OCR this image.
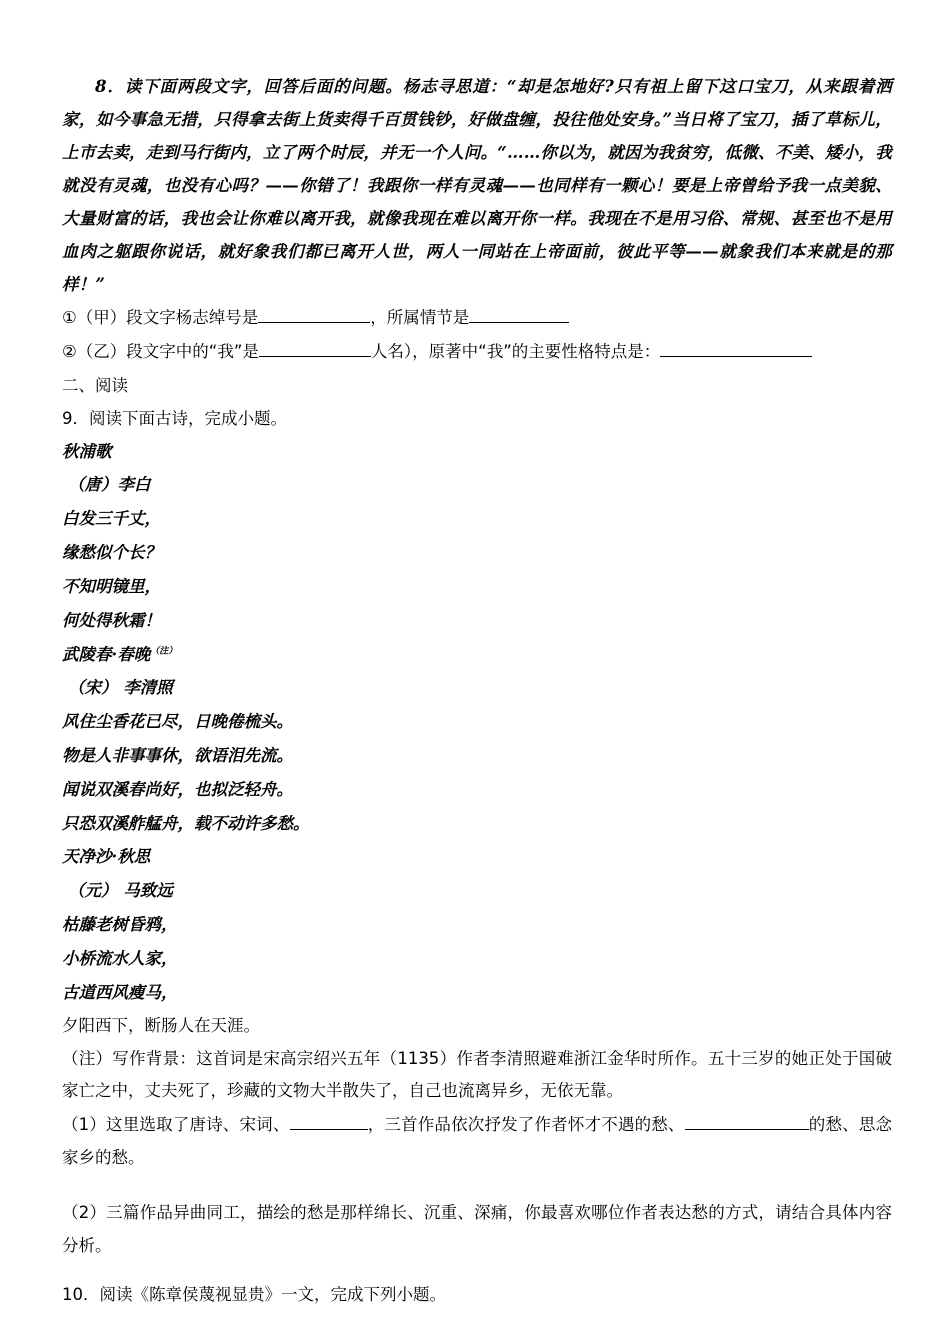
8．读下面两段文字，回答后面的问题。杨志寻思道：“却是怎地好?只有祖上留下这口宝刀，从来跟着洒家，如今事急无措，只得拿去街上货卖得千百贯钱钞，好做盘缠，投往他处安身。”当日将了宝刀，插了草标儿，上市去卖，走到马行街内，立了两个时辰，并无一个人问。“……你以为，就因为我贫穷，低微、不美、矮小，我就没有灵魂，也没有心吗？——你错了！我跟你一样有灵魂——也同样有一颗心！要是上帝曾给予我一点美貌、大量财富的话，我也会让你难以离开我，就像我现在难以离开你一样。我现在不是用习俗、常规、甚至也不是用血肉之躯跟你说话，就好象我们都已离开人世，两人一同站在上帝面前，彼此平等——就象我们本来就是的那样！”

①（甲）段文字杨志绰号是	，所属情节是

②（乙）段文字中的“我”是	人名），原著中“我”的主要性格特点是：

二、阅读

9．阅读下面古诗，完成小题。

秋浦歌

（唐）李白

白发三千丈，

缘愁似个长？

不知明镜里，

何处得秋霜！

武陵春·春晚$^{(注)}$

（宋） 李清照

风住尘香花已尽，日晚倦梳头。

物是人非事事休，欲语泪先流。

闻说双溪春尚好，也拟泛轻舟。

只恐双溪舴艋舟，载不动许多愁。

天净沙·秋思

（元） 马致远

枯藤老树昏鸦，

小桥流水人家，

古道西风瘦马，

夕阳西下，断肠人在天涯。

（注）写作背景：这首词是宋高宗绍兴五年（1135）作者李清照避难浙江金华时所作。五十三岁的她正处于国破家亡之中，丈夫死了，珍藏的文物大半散失了，自己也流离异乡，无依无靠。

（1）这里选取了唐诗、宋词、	，三首作品依次抒发了作者怀才不遇的愁、	的愁、思念家乡的愁。

（2）三篇作品异曲同工，描绘的愁是那样绵长、沉重、深痛，你最喜欢哪位作者表达愁的方式，请结合具体内容分析。

10．阅读《陈章侯蔑视显贵》一文，完成下列小题。
